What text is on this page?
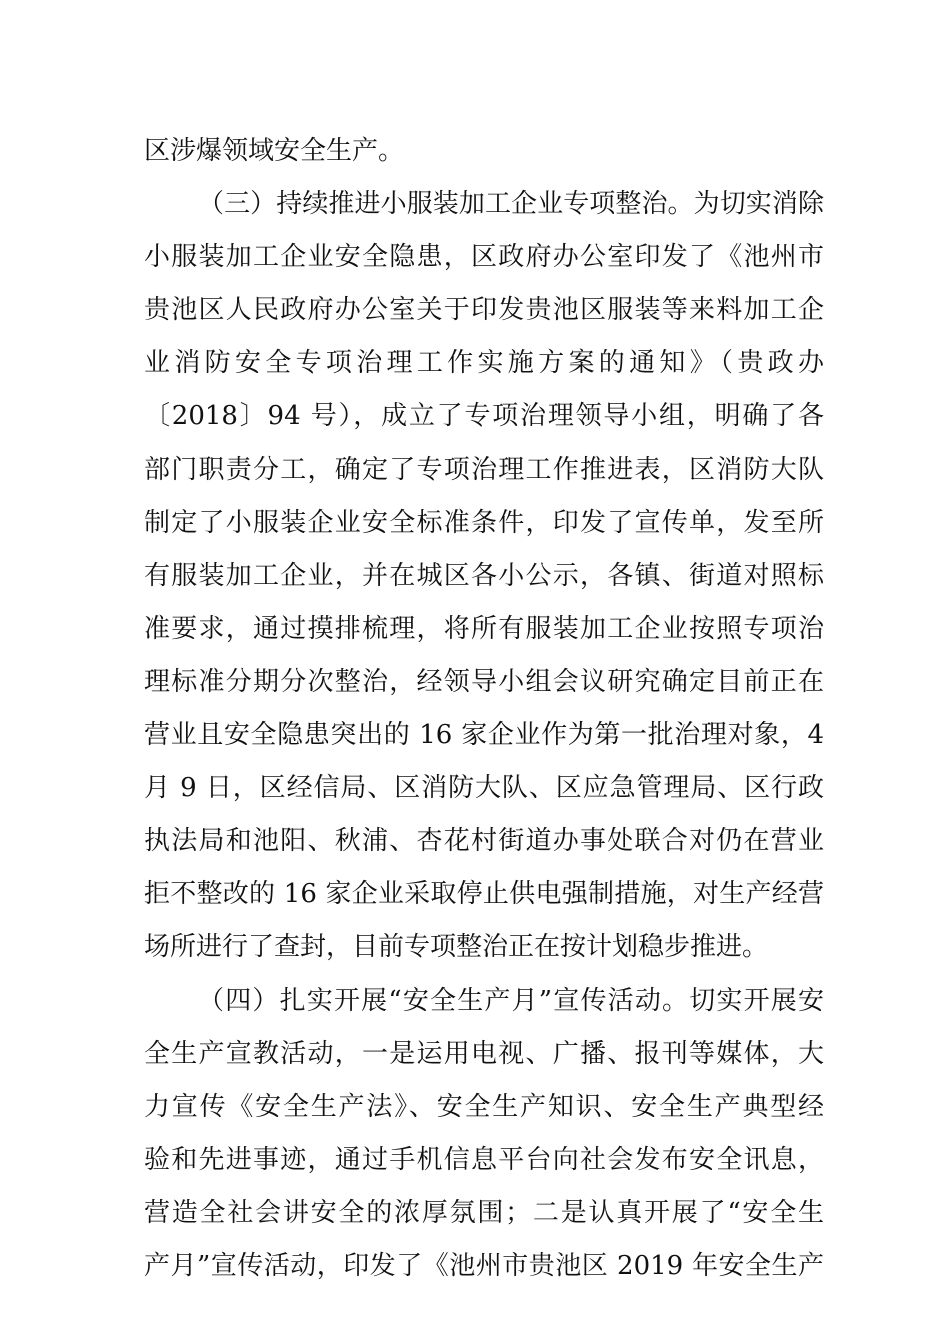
区涉爆领域安全生产。
（三）持续推进小服装加工企业专项整治。为切实消除
小服装加工企业安全隐患，区政府办公室印发了《池州市
贵池区人民政府办公室关于印发贵池区服装等来料加工企
业消防安全专项治理工作实施方案的通知》（贵政办
〔2018〕94 号），成立了专项治理领导小组，明确了各
部门职责分工，确定了专项治理工作推进表，区消防大队
制定了小服装企业安全标准条件，印发了宣传单，发至所
有服装加工企业，并在城区各小公示，各镇、街道对照标
准要求，通过摸排梳理，将所有服装加工企业按照专项治
理标准分期分次整治，经领导小组会议研究确定目前正在
营业且安全隐患突出的 16 家企业作为第一批治理对象，4
月 9 日，区经信局、区消防大队、区应急管理局、区行政
执法局和池阳、秋浦、杏花村街道办事处联合对仍在营业
拒不整改的 16 家企业采取停止供电强制措施，对生产经营
场所进行了查封，目前专项整治正在按计划稳步推进。
（四）扎实开展“安全生产月”宣传活动。切实开展安
全生产宣教活动，一是运用电视、广播、报刊等媒体，大
力宣传《安全生产法》、安全生产知识、安全生产典型经
验和先进事迹，通过手机信息平台向社会发布安全讯息，
营造全社会讲安全的浓厚氛围；二是认真开展了“安全生
产月”宣传活动，印发了《池州市贵池区 2019 年安全生产
